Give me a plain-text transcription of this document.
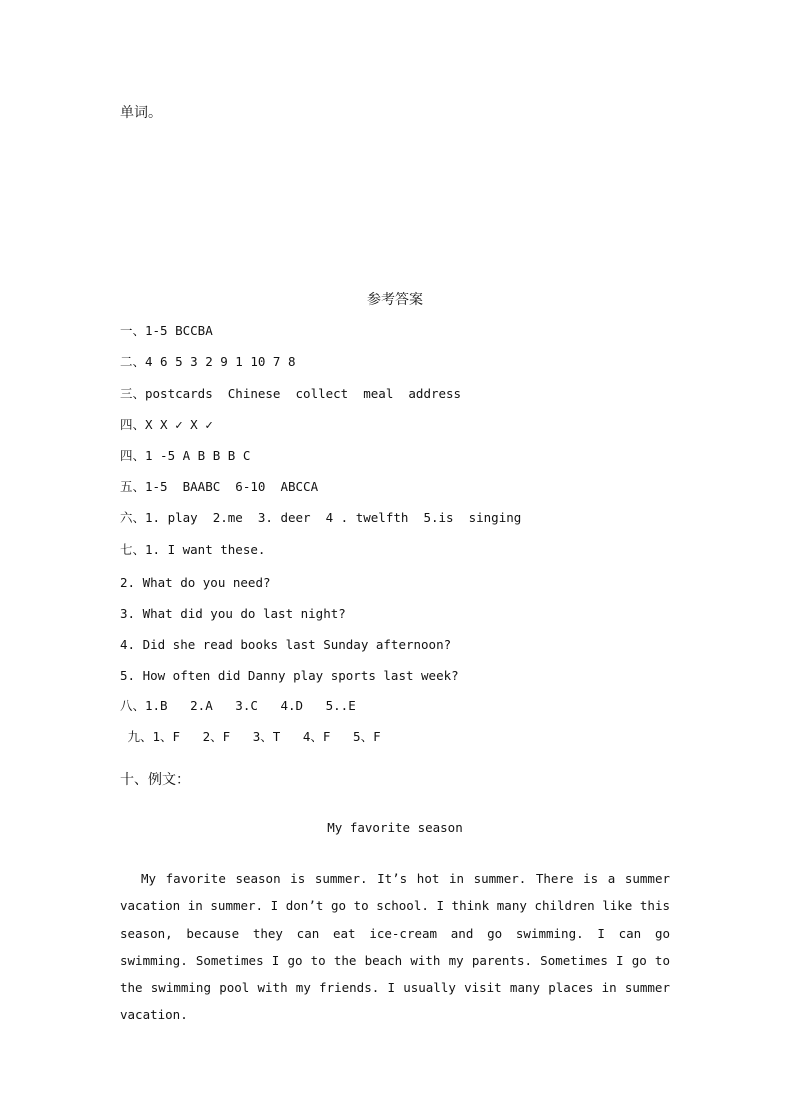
单词。
参考答案
一、1-5 BCCBA
二、4 6 5 3 2 9 1 10 7 8
三、postcards  Chinese  collect  meal  address
四、X X ✓ X ✓
四、1 -5 A B B B C
五、1-5  BAABC  6-10  ABCCA
六、1. play  2.me  3. deer  4 . twelfth  5.is  singing
七、1. I want these.
2. What do you need?
3. What did you do last night?
4. Did she read books last Sunday afternoon?
5. How often did Danny play sports last week?
八、1.B   2.A   3.C   4.D   5..E
九、1、F   2、F   3、T   4、F   5、F
十、例文：
My favorite season

My favorite season is summer. It’s hot in summer. There is a summer vacation in summer. I don’t go to school. I think many children like this season, because they can eat ice-cream and go swimming. I can go swimming. Sometimes I go to the beach with my parents. Sometimes I go to the swimming pool with my friends. I usually visit many places in summer vacation.
